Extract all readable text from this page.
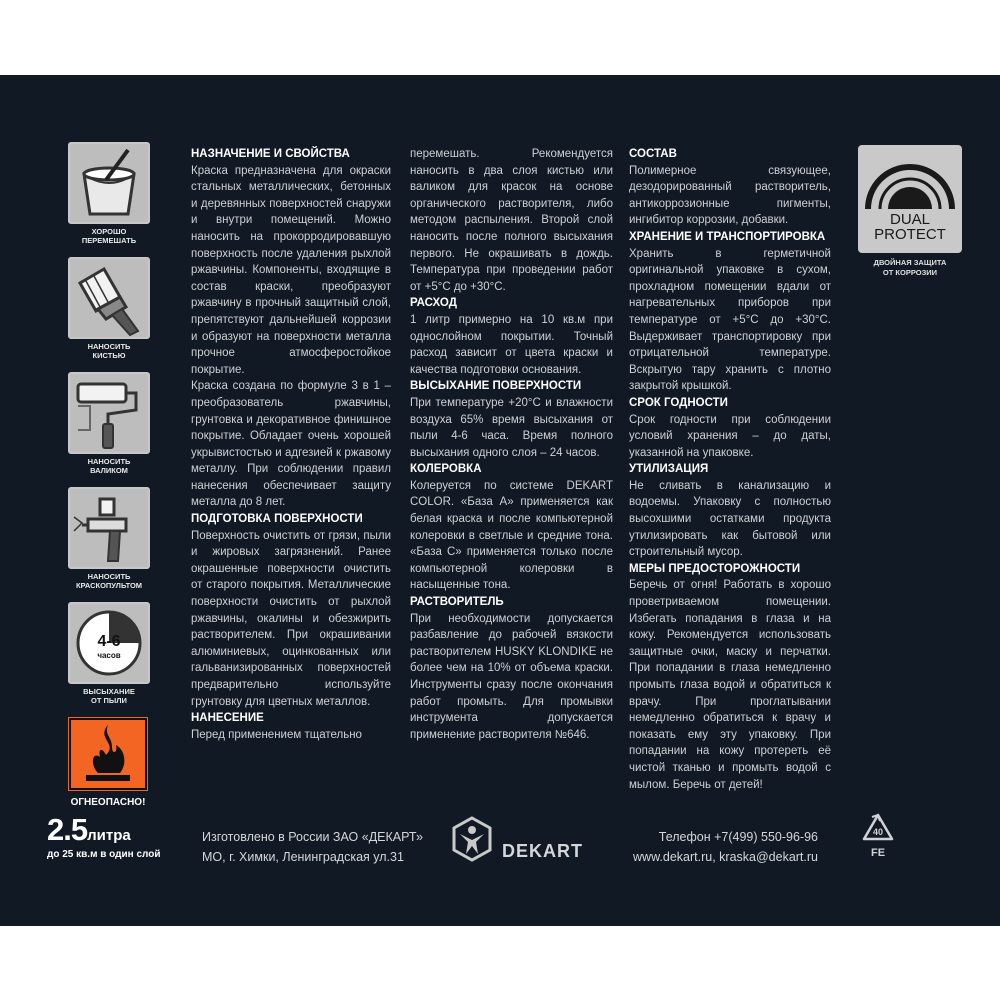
ХОРОШО
ПЕРЕМЕШАТЬ
НАНОСИТЬ
КИСТЬЮ
НАНОСИТЬ
ВАЛИКОМ
НАНОСИТЬ
КРАСКОПУЛЬТОМ
4-6
часов
ВЫСЫХАНИЕ
ОТ ПЫЛИ
ОГНЕОПАСНО!
НАЗНАЧЕНИЕ И СВОЙСТВА

Краска предназначена для окраски стальных металлических, бетонных и деревянных поверхностей снаружи и внутри помещений. Можно наносить на прокорродировавшую поверхность после удаления рыхлой ржавчины. Компоненты, входящие в состав краски, преобразуют ржавчину в прочный защитный слой, препятствуют дальнейшей коррозии и образуют на поверхности металла прочное атмосферостойкое покрытие.

Краска создана по формуле 3 в 1 – преобразователь ржавчины, грунтовка и декоративное финишное покрытие. Обладает очень хорошей укрывистостью и адгезией к ржавому металлу. При соблюдении правил нанесения обеспечивает защиту металла до 8 лет.

ПОДГОТОВКА ПОВЕРХНОСТИ

Поверхность очистить от грязи, пыли и жировых загрязнений. Ранее окрашенные поверхности очистить от старого покрытия. Металлические поверхности очистить от рыхлой ржавчины, окалины и обезжирить растворителем. При окрашивании алюминиевых, оцинкованных или гальванизированных поверхностей предварительно используйте грунтовку для цветных металлов.

НАНЕСЕНИЕ

Перед применением тщательно

перемешать. Рекомендуется наносить в два слоя кистью или валиком для красок на основе органического растворителя, либо методом распыления. Второй слой наносить после полного высыхания первого. Не окрашивать в дождь. Температура при проведении работ от +5°С до +30°С.

РАСХОД

1 литр примерно на 10 кв.м при однослойном покрытии. Точный расход зависит от цвета краски и качества подготовки основания.

ВЫСЫХАНИЕ ПОВЕРХНОСТИ

При температуре +20°С и влажности воздуха 65% время высыхания от пыли 4-6 часа. Время полного высыхания одного слоя – 24 часов.

КОЛЕРОВКА

Колеруется по системе DEKART COLOR. «База А» применяется как белая краска и после компьютерной колеровки в светлые и средние тона. «База С» применяется только после компьютерной колеровки в насыщенные тона.

РАСТВОРИТЕЛЬ

При необходимости допускается разбавление до рабочей вязкости растворителем HUSKY KLONDIKE не более чем на 10% от объема краски. Инструменты сразу после окончания работ промыть. Для промывки инструмента допускается применение растворителя №646.

СОСТАВ

Полимерное связующее, дезодорированный растворитель, антикоррозионные пигменты, ингибитор коррозии, добавки.

ХРАНЕНИЕ И ТРАНСПОРТИРОВКА

Хранить в герметичной оригинальной упаковке в сухом, прохладном помещении вдали от нагревательных приборов при температуре от +5°С до +30°С. Выдерживает транспортировку при отрицательной температуре. Вскрытую тару хранить с плотно закрытой крышкой.

СРОК ГОДНОСТИ

Срок годности при соблюдении условий хранения – до даты, указанной на упаковке.

УТИЛИЗАЦИЯ

Не сливать в канализацию и водоемы. Упаковку с полностью высохшими остатками продукта утилизировать как бытовой или строительный мусор.

МЕРЫ ПРЕДОСТОРОЖНОСТИ

Беречь от огня! Работать в хорошо проветриваемом помещении. Избегать попадания в глаза и на кожу. Рекомендуется использовать защитные очки, маску и перчатки. При попадании в глаза немедленно промыть глаза водой и обратиться к врачу. При проглатывании немедленно обратиться к врачу и показать ему эту упаковку. При попадании на кожу протереть её чистой тканью и промыть водой с мылом. Беречь от детей!

DUAL
PROTECT
ДВОЙНАЯ ЗАЩИТА
ОТ КОРРОЗИИ
2.5литра
до 25 кв.м в один слой
Изготовлено в России ЗАО «ДЕКАРТ»
МО, г. Химки, Ленинградская ул.31	DEKART
Телефон +7(499) 550-96-96
www.dekart.ru, kraska@dekart.ru
40
FE
